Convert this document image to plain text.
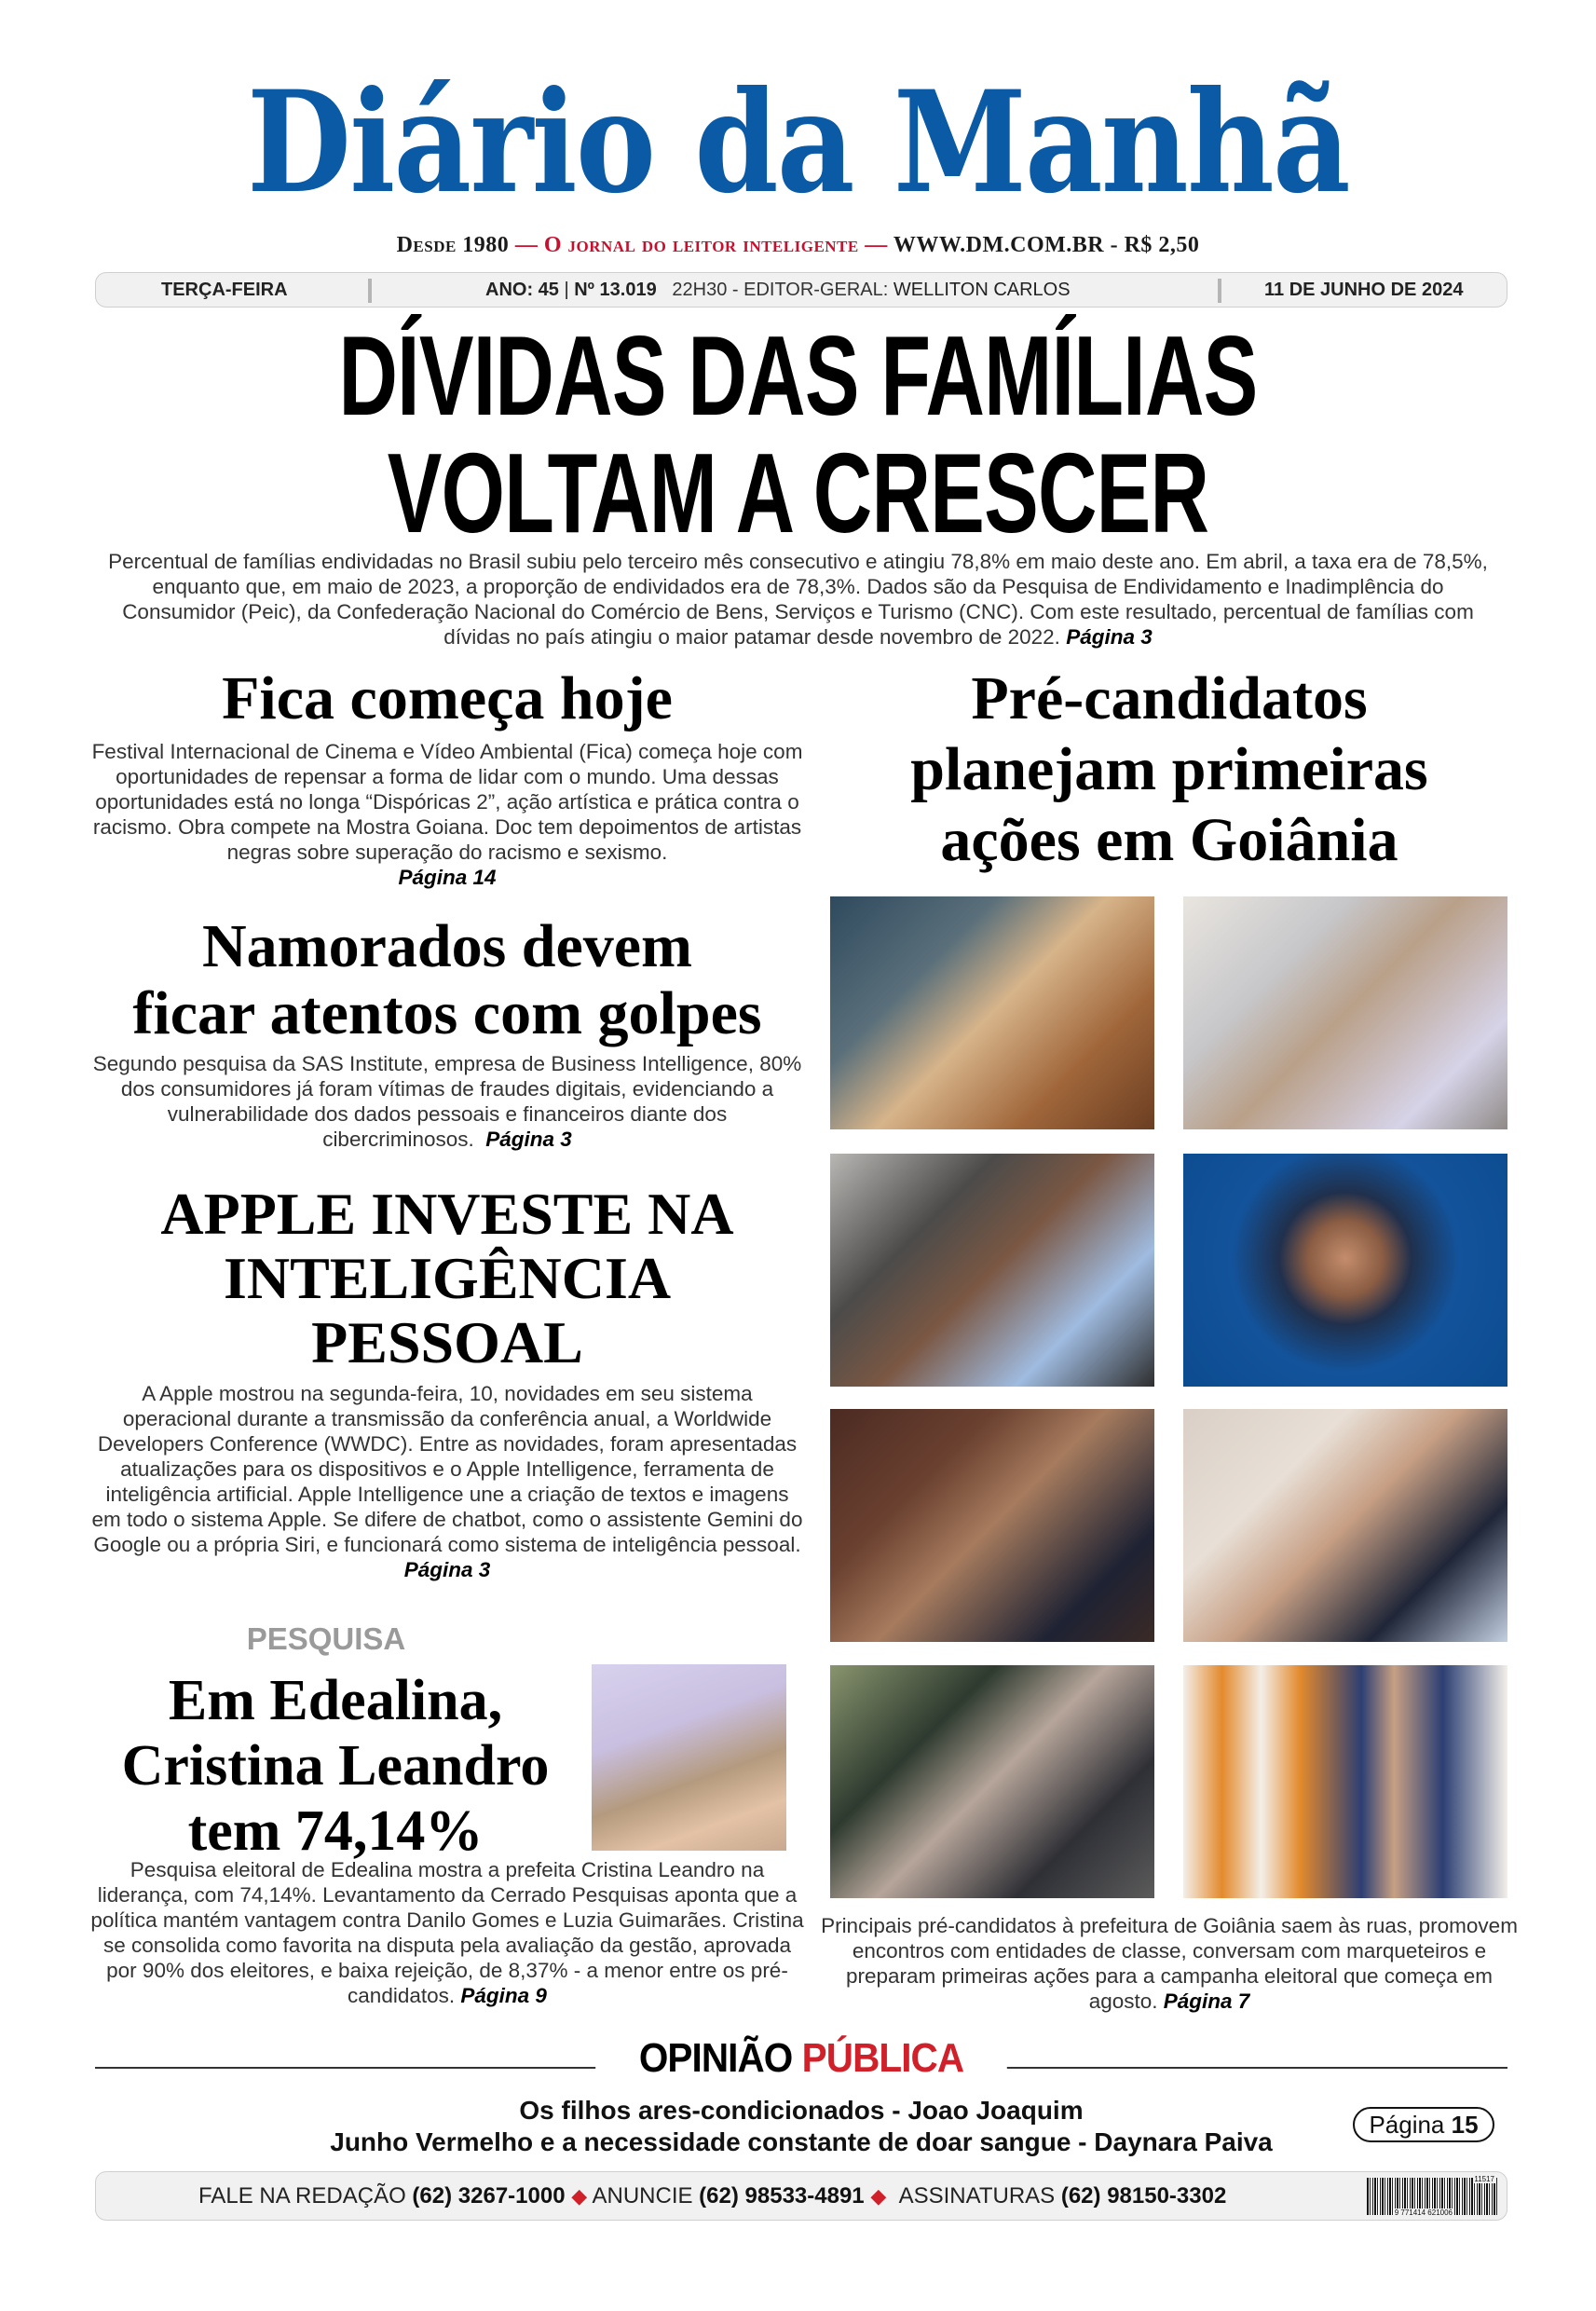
Diário da Manhã
Desde 1980 — O jornal do leitor inteligente — WWW.DM.COM.BR - R$ 2,50
TERÇA-FEIRA	ANO: 45 | Nº 13.019 22H30 - EDITOR-GERAL: WELLITON CARLOS	11 DE JUNHO DE 2024
DÍVIDAS DAS FAMÍLIAS
VOLTAM A CRESCER
Percentual de famílias endividadas no Brasil subiu pelo terceiro mês consecutivo e atingiu 78,8% em maio deste ano. Em abril, a taxa era de 78,5%, enquanto que, em maio de 2023, a proporção de endividados era de 78,3%. Dados são da Pesquisa de Endividamento e Inadimplência do Consumidor (Peic), da Confederação Nacional do Comércio de Bens, Serviços e Turismo (CNC). Com este resultado, percentual de famílias com dívidas no país atingiu o maior patamar desde novembro de 2022. Página 3
Fica começa hoje
Festival Internacional de Cinema e Vídeo Ambiental (Fica) começa hoje com oportunidades de repensar a forma de lidar com o mundo. Uma dessas oportunidades está no longa “Dispóricas 2”, ação artística e prática contra o racismo. Obra compete na Mostra Goiana. Doc tem depoimentos de artistas negras sobre superação do racismo e sexismo.
Página 14
Namorados devem
ficar atentos com golpes
Segundo pesquisa da SAS Institute, empresa de Business Intelligence, 80% dos consumidores já foram vítimas de fraudes digitais, evidenciando a vulnerabilidade dos dados pessoais e financeiros diante dos cibercriminosos. Página 3
APPLE INVESTE NA
INTELIGÊNCIA
PESSOAL
A Apple mostrou na segunda-feira, 10, novidades em seu sistema operacional durante a transmissão da conferência anual, a Worldwide Developers Conference (WWDC). Entre as novidades, foram apresentadas atualizações para os dispositivos e o Apple Intelligence, ferramenta de inteligência artificial. Apple Intelligence une a criação de textos e imagens em todo o sistema Apple. Se difere de chatbot, como o assistente Gemini do Google ou a própria Siri, e funcionará como sistema de inteligência pessoal. Página 3
PESQUISA
Em Edealina,
Cristina Leandro
tem 74,14%
Pesquisa eleitoral de Edealina mostra a prefeita Cristina Leandro na liderança, com 74,14%. Levantamento da Cerrado Pesquisas aponta que a política mantém vantagem contra Danilo Gomes e Luzia Guimarães. Cristina se consolida como favorita na disputa pela avaliação da gestão, aprovada por 90% dos eleitores, e baixa rejeição, de 8,37% - a menor entre os pré-candidatos. Página 9
Pré-candidatos
planejam primeiras
ações em Goiânia
Principais pré-candidatos à prefeitura de Goiânia saem às ruas, promovem encontros com entidades de classe, conversam com marqueteiros e preparam primeiras ações para a campanha eleitoral que começa em agosto. Página 7
OPINIÃO PÚBLICA
Os filhos ares-condicionados - Joao Joaquim
Junho Vermelho e a necessidade constante de doar sangue - Daynara Paiva
Página 15
FALE NA REDAÇÃO (62) 3267-1000 ◆ ANUNCIE (62) 98533-4891 ◆ ASSINATURAS (62) 98150-3302
11517
9 771414 621006
